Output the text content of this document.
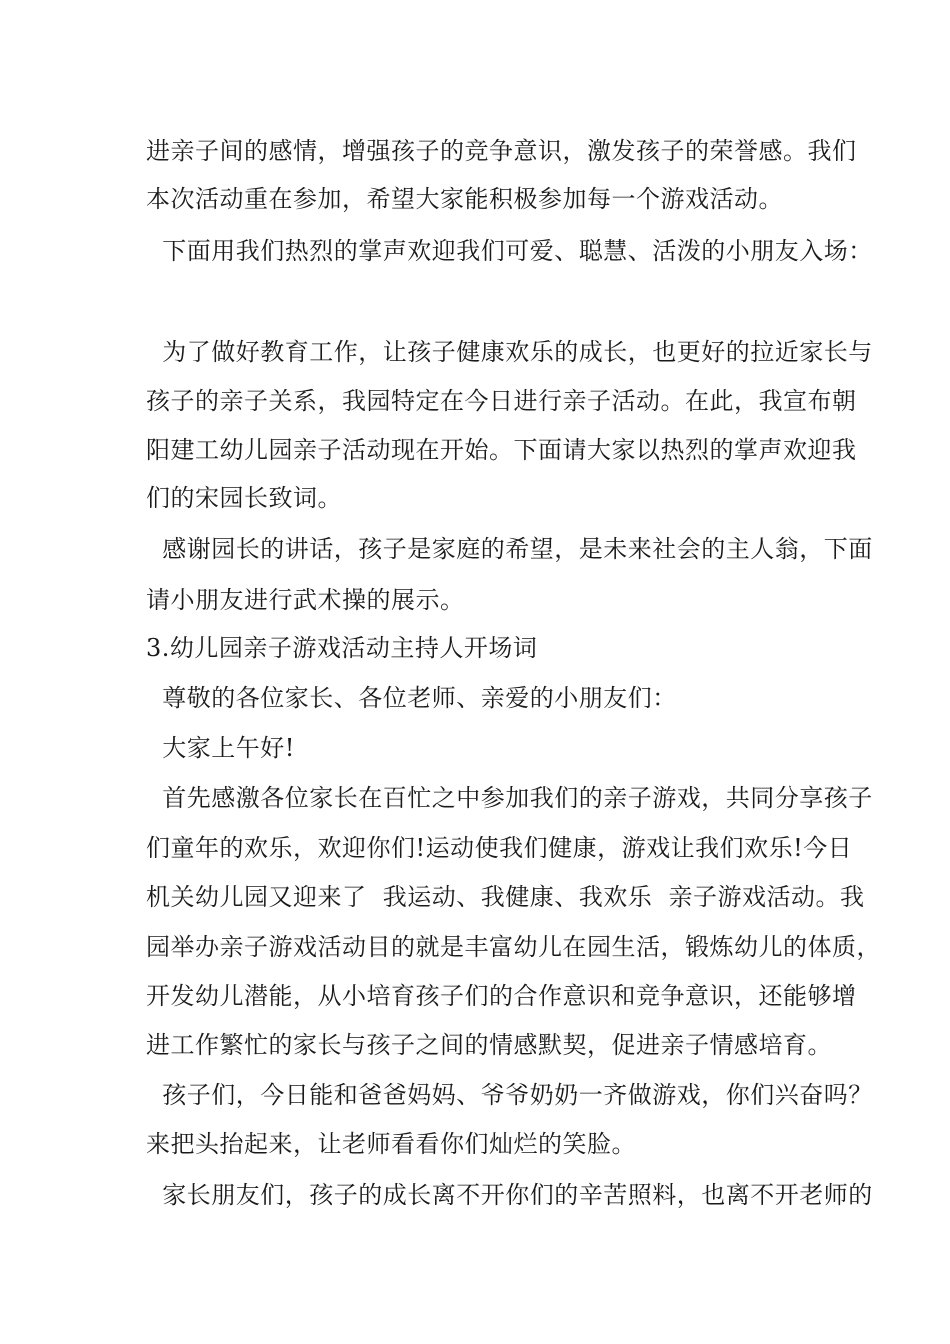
进亲子间的感情，增强孩子的竞争意识，激发孩子的荣誉感。我们
本次活动重在参加，希望大家能积极参加每一个游戏活动。
下面用我们热烈的掌声欢迎我们可爱、聪慧、活泼的小朋友入场：
为了做好教育工作，让孩子健康欢乐的成长，也更好的拉近家长与
孩子的亲子关系，我园特定在今日进行亲子活动。在此，我宣布朝
阳建工幼儿园亲子活动现在开始。下面请大家以热烈的掌声欢迎我
们的宋园长致词。
感谢园长的讲话，孩子是家庭的希望，是未来社会的主人翁，下面
请小朋友进行武术操的展示。
3.幼儿园亲子游戏活动主持人开场词
尊敬的各位家长、各位老师、亲爱的小朋友们：
大家上午好!
首先感激各位家长在百忙之中参加我们的亲子游戏，共同分享孩子
们童年的欢乐，欢迎你们!运动使我们健康，游戏让我们欢乐!今日
机关幼儿园又迎来了  我运动、我健康、我欢乐  亲子游戏活动。我
园举办亲子游戏活动目的就是丰富幼儿在园生活，锻炼幼儿的体质，
开发幼儿潜能，从小培育孩子们的合作意识和竞争意识，还能够增
进工作繁忙的家长与孩子之间的情感默契，促进亲子情感培育。
孩子们，今日能和爸爸妈妈、爷爷奶奶一齐做游戏，你们兴奋吗？
来把头抬起来，让老师看看你们灿烂的笑脸。
家长朋友们，孩子的成长离不开你们的辛苦照料，也离不开老师的
